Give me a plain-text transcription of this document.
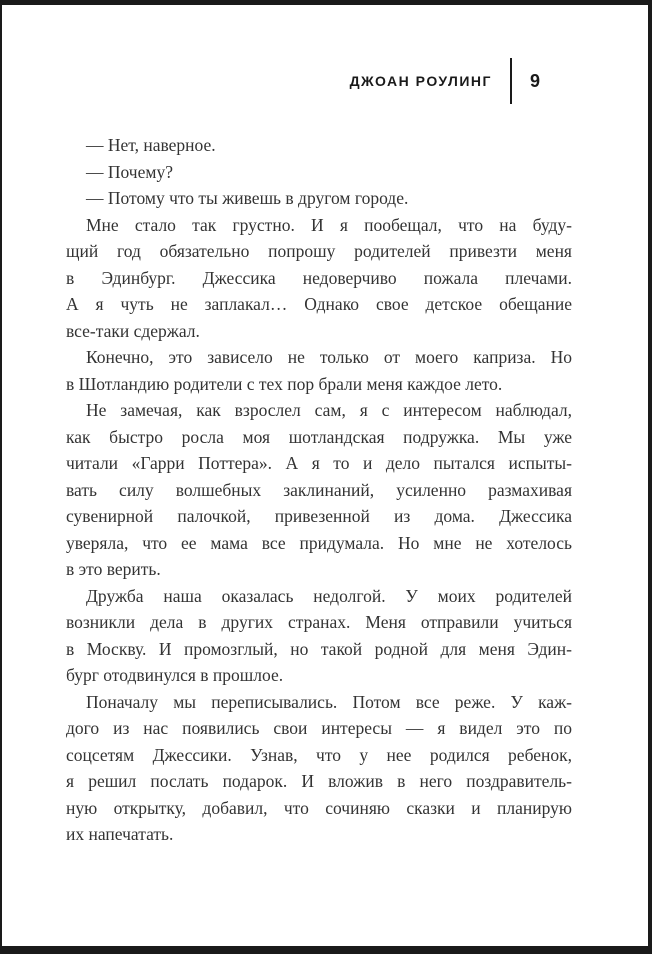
ДЖОАН РОУЛИНГ 9
— Нет, наверное.
— Почему?
— Потому что ты живешь в другом городе.
Мне стало так грустно. И я пообещал, что на буду-
щий год обязательно попрошу родителей привезти меня
в Эдинбург. Джессика недоверчиво пожала плечами.
А я чуть не заплакал… Однако свое детское обещание
все-таки сдержал.
Конечно, это зависело не только от моего каприза. Но
в Шотландию родители с тех пор брали меня каждое лето.
Не замечая, как взрослел сам, я с интересом наблюдал,
как быстро росла моя шотландская подружка. Мы уже
читали «Гарри Поттера». А я то и дело пытался испыты-
вать силу волшебных заклинаний, усиленно размахивая
сувенирной палочкой, привезенной из дома. Джессика
уверяла, что ее мама все придумала. Но мне не хотелось
в это верить.
Дружба наша оказалась недолгой. У моих родителей
возникли дела в других странах. Меня отправили учиться
в Москву. И промозглый, но такой родной для меня Эдин-
бург отодвинулся в прошлое.
Поначалу мы переписывались. Потом все реже. У каж-
дого из нас появились свои интересы — я видел это по
соцсетям Джессики. Узнав, что у нее родился ребенок,
я решил послать подарок. И вложив в него поздравитель-
ную открытку, добавил, что сочиняю сказки и планирую
их напечатать.
